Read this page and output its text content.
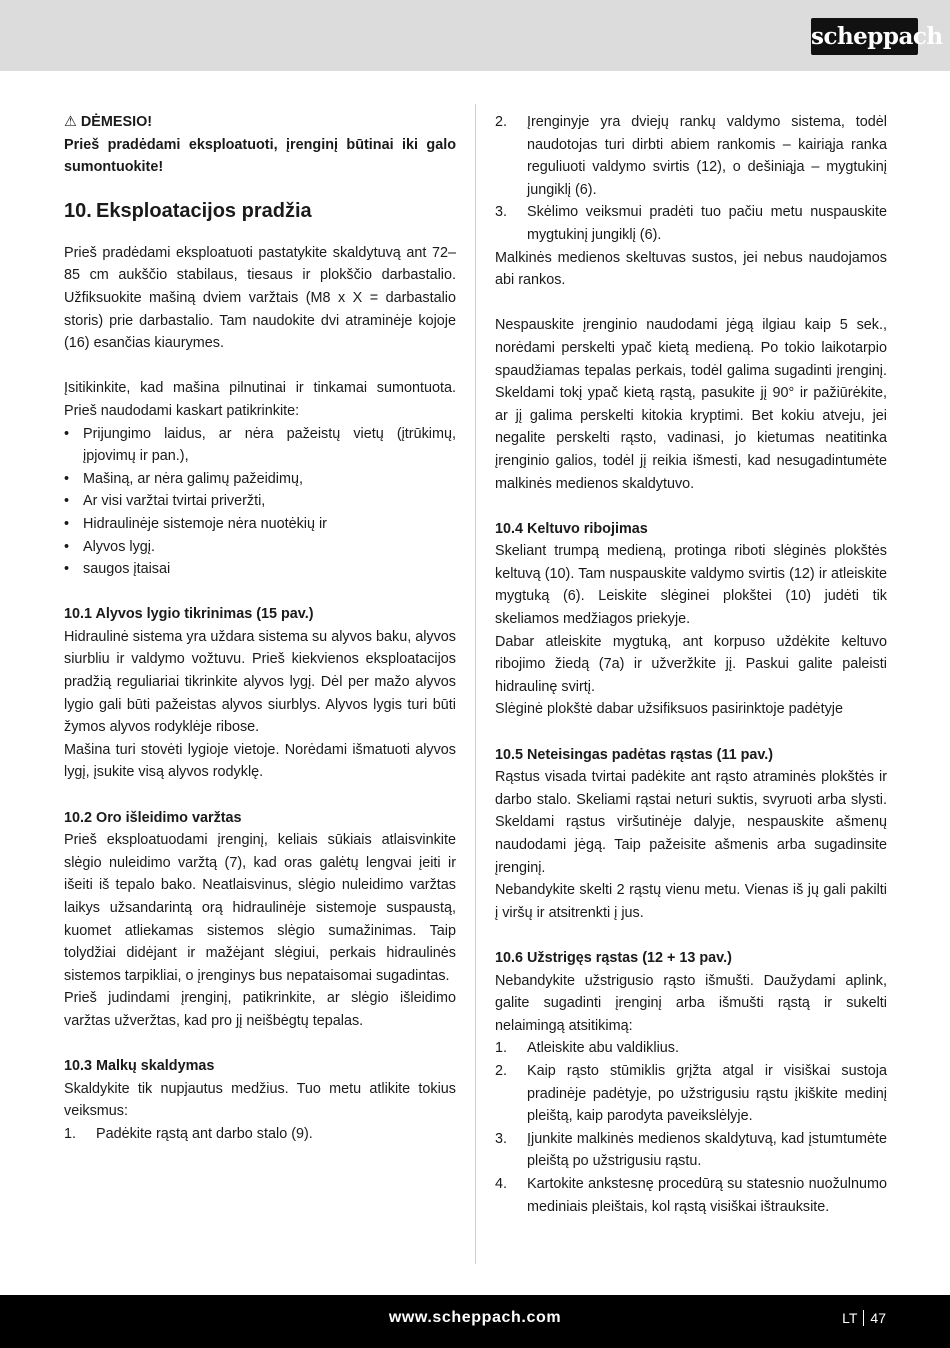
scheppach
⚠ DĖMESIO!

Prieš pradėdami eksploatuoti, įrenginį būtinai iki galo sumontuokite!

10. Eksploatacijos pradžia

Prieš pradėdami eksploatuoti pastatykite skaldytuvą ant 72–85 cm aukščio stabilaus, tiesaus ir plokščio darbastalio. Užfiksuokite mašiną dviem varžtais (M8 x X = darbastalio storis) prie darbastalio. Tam naudokite dvi atraminėje kojoje (16) esančias kiaurymes.

Įsitikinkite, kad mašina pilnutinai ir tinkamai sumontuota. Prieš naudodami kaskart patikrinkite:

• Prijungimo laidus, ar nėra pažeistų vietų (įtrūkimų, įpjovimų ir pan.),
• Mašiną, ar nėra galimų pažeidimų,
• Ar visi varžtai tvirtai priveržti,
• Hidraulinėje sistemoje nėra nuotėkių ir
• Alyvos lygį.
• saugos įtaisai
10.1 Alyvos lygio tikrinimas (15 pav.)

Hidraulinė sistema yra uždara sistema su alyvos baku, alyvos siurbliu ir valdymo vožtuvu. Prieš kiekvienos eksploatacijos pradžią reguliariai tikrinkite alyvos lygį. Dėl per mažo alyvos lygio gali būti pažeistas alyvos siurblys. Alyvos lygis turi būti žymos alyvos rodyklėje ribose.

Mašina turi stovėti lygioje vietoje. Norėdami išmatuoti alyvos lygį, įsukite visą alyvos rodyklę.

10.2 Oro išleidimo varžtas

Prieš eksploatuodami įrenginį, keliais sūkiais atlaisvinkite slėgio nuleidimo varžtą (7), kad oras galėtų lengvai įeiti ir išeiti iš tepalo bako. Neatlaisvinus, slėgio nuleidimo varžtas laikys užsandarintą orą hidraulinėje sistemoje suspaustą, kuomet atliekamas sistemos slėgio sumažinimas. Taip tolydžiai didėjant ir mažėjant slėgiui, perkais hidraulinės sistemos tarpikliai, o įrenginys bus nepataisomai sugadintas.

Prieš judindami įrenginį, patikrinkite, ar slėgio išleidimo varžtas užveržtas, kad pro jį neišbėgtų tepalas.

10.3 Malkų skaldymas

Skaldykite tik nupjautus medžius. Tuo metu atlikite tokius veiksmus:

1. Padėkite rąstą ant darbo stalo (9).
2. Įrenginyje yra dviejų rankų valdymo sistema, todėl naudotojas turi dirbti abiem rankomis – kairiąja ranka reguliuoti valdymo svirtis (12), o dešiniąja – mygtukinį jungiklį (6).
3. Skėlimo veiksmui pradėti tuo pačiu metu nuspauskite mygtukinį jungiklį (6).

Malkinės medienos skeltuvas sustos, jei nebus naudojamos abi rankos.

Nespauskite įrenginio naudodami jėgą ilgiau kaip 5 sek., norėdami perskelti ypač kietą medieną. Po tokio laikotarpio spaudžiamas tepalas perkais, todėl galima sugadinti įrenginį. Skeldami tokį ypač kietą rąstą, pasukite jį 90° ir pažiūrėkite, ar jį galima perskelti kitokia kryptimi. Bet kokiu atveju, jei negalite perskelti rąsto, vadinasi, jo kietumas neatitinka įrenginio galios, todėl jį reikia išmesti, kad nesugadintumėte malkinės medienos skaldytuvo.

10.4 Keltuvo ribojimas

Skeliant trumpą medieną, protinga riboti slėginės plokštės keltuvą (10). Tam nuspauskite valdymo svirtis (12) ir atleiskite mygtuką (6). Leiskite slėginei plokštei (10) judėti tik skeliamos medžiagos priekyje.

Dabar atleiskite mygtuką, ant korpuso uždėkite keltuvo ribojimo žiedą (7a) ir užveržkite jį. Paskui galite paleisti hidraulinę svirtį.

Slėginė plokštė dabar užsifiksuos pasirinktoje padėtyje

10.5 Neteisingas padėtas rąstas (11 pav.)

Rąstus visada tvirtai padėkite ant rąsto atraminės plokštės ir darbo stalo. Skeliami rąstai neturi suktis, svyruoti arba slysti. Skeldami rąstus viršutinėje dalyje, nespauskite ašmenų naudodami jėgą. Taip pažeisite ašmenis arba sugadinsite įrenginį.

Nebandykite skelti 2 rąstų vienu metu. Vienas iš jų gali pakilti į viršų ir atsitrenkti į jus.

10.6 Užstrigęs rąstas (12 + 13 pav.)

Nebandykite užstrigusio rąsto išmušti. Daužydami aplink, galite sugadinti įrenginį arba išmušti rąstą ir sukelti nelaimingą atsitikimą:

1. Atleiskite abu valdiklius.
2. Kaip rąsto stūmiklis grįžta atgal ir visiškai sustoja pradinėje padėtyje, po užstrigusiu rąstu įkiškite medinį pleištą, kaip parodyta paveikslėlyje.
3. Įjunkite malkinės medienos skaldytuvą, kad įstumtumėte pleištą po užstrigusiu rąstu.
4. Kartokite ankstesnę procedūrą su statesnio nuožulnumo mediniais pleištais, kol rąstą visiškai ištrauksite.
www.scheppach.com	LT 47
